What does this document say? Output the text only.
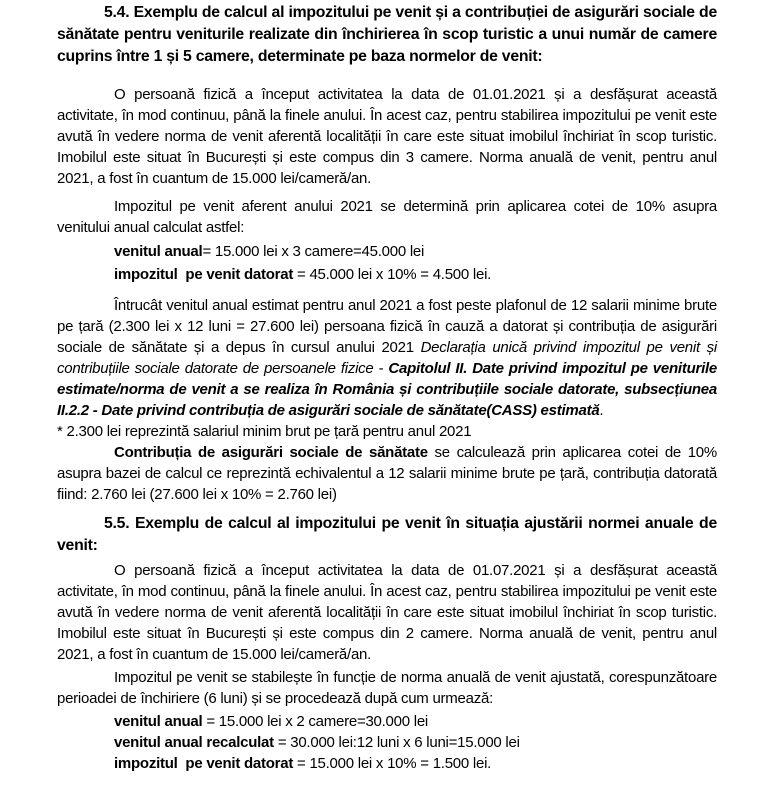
5.4. Exemplu de calcul al impozitului pe venit și a contribuției de asigurări sociale de sănătate pentru veniturile realizate din închirierea în scop turistic a unui număr de camere cuprins între 1 și 5 camere, determinate pe baza normelor de venit:

O persoană fizică a început activitatea la data de 01.01.2021 și a desfășurat această activitate, în mod continuu, până la finele anului. În acest caz, pentru stabilirea impozitului pe venit este avută în vedere norma de venit aferentă localității în care este situat imobilul închiriat în scop turistic. Imobilul este situat în București și este compus din 3 camere. Norma anuală de venit, pentru anul 2021, a fost în cuantum de 15.000 lei/cameră/an.

Impozitul pe venit aferent anului 2021 se determină prin aplicarea cotei de 10% asupra venitului anual calculat astfel:

venitul anual= 15.000 lei x 3 camere=45.000 lei

impozitul  pe venit datorat = 45.000 lei x 10% = 4.500 lei.

Întrucât venitul anual estimat pentru anul 2021 a fost peste plafonul de 12 salarii minime brute pe țară (2.300 lei x 12 luni = 27.600 lei) persoana fizică în cauză a datorat și contribuția de asigurări sociale de sănătate și a depus în cursul anului 2021 Declarația unică privind impozitul pe venit și contribuțiile sociale datorate de persoanele fizice - Capitolul II. Date privind impozitul pe veniturile estimate/norma de venit a se realiza în România și contribuțiile sociale datorate, subsecțiunea II.2.2 - Date privind contribuția de asigurări sociale de sănătate(CASS) estimată.

* 2.300 lei reprezintă salariul minim brut pe țară pentru anul 2021

Contribuția de asigurări sociale de sănătate se calculează prin aplicarea cotei de 10% asupra bazei de calcul ce reprezintă echivalentul a 12 salarii minime brute pe țară, contribuția datorată fiind: 2.760 lei (27.600 lei x 10% = 2.760 lei)

5.5. Exemplu de calcul al impozitului pe venit în situația ajustării normei anuale de venit:

O persoană fizică a început activitatea la data de 01.07.2021 și a desfășurat această activitate, în mod continuu, până la finele anului. În acest caz, pentru stabilirea impozitului pe venit este avută în vedere norma de venit aferentă localității în care este situat imobilul închiriat în scop turistic. Imobilul este situat în București și este compus din 2 camere. Norma anuală de venit, pentru anul 2021, a fost în cuantum de 15.000 lei/cameră/an.

Impozitul pe venit se stabilește în funcție de norma anuală de venit ajustată, corespunzătoare perioadei de închiriere (6 luni) și se procedează după cum urmează:

venitul anual = 15.000 lei x 2 camere=30.000 lei

venitul anual recalculat = 30.000 lei:12 luni x 6 luni=15.000 lei

impozitul  pe venit datorat = 15.000 lei x 10% = 1.500 lei.
